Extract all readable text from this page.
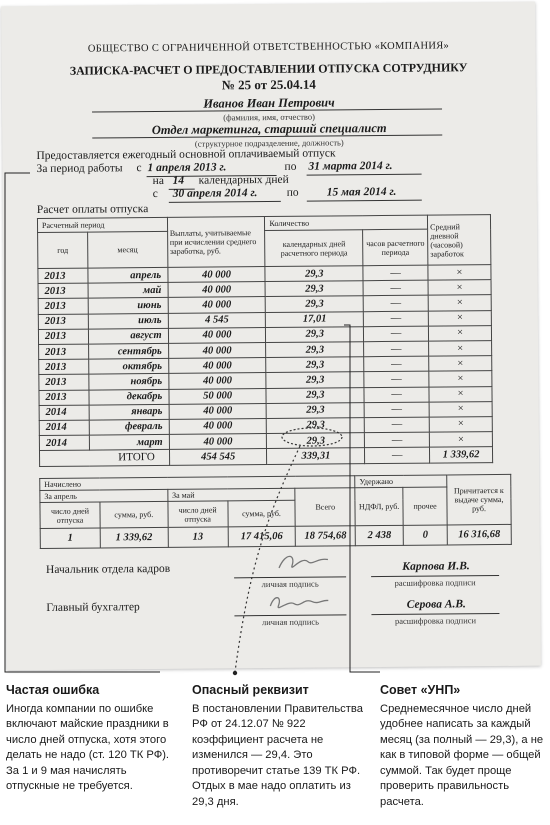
ОБЩЕСТВО С ОГРАНИЧЕННОЙ ОТВЕТСТВЕННОСТЬЮ «КОМПАНИЯ»
ЗАПИСКА-РАСЧЕТ О ПРЕДОСТАВЛЕНИИ ОТПУСКА СОТРУДНИКУ
№ 25 от 25.04.14
Иванов Иван Петрович
(фамилия, имя, отчество)
Отдел маркетинга, старший специалист
(структурное подразделение, должность)
Предоставляется ежегодный основной оплачиваемый отпуск
За период работы с 1 апреля 2013 г.	по 31 марта 2014 г.
на 14 календарных дней
с 30 апреля 2014 г.	по 15 мая 2014 г.
Расчет оплаты отпуска
Расчетный период		Выплаты, учитываемые при исчислении среднего заработка, руб.	Количество		Средний дневной (часовой) заработок
год	месяц		календарных дней расчетного периода	часов расчетного периода	
2013	апрель	40 000	29,3	—	×
2013	май	40 000	29,3	—	×
2013	июнь	40 000	29,3	—	×
2013	июль	4 545	17,01	—	×
2013	август	40 000	29,3	—	×
2013	сентябрь	40 000	29,3	—	×
2013	октябрь	40 000	29,3	—	×
2013	ноябрь	40 000	29,3	—	×
2013	декабрь	50 000	29,3	—	×
2014	январь	40 000	29,3	—	×
2014	февраль	40 000	29,3	—	×
2014	март	40 000	29,3	—	×
ИТОГО		454 545	339,31	—	1 339,62
Начислено					Удержано		Причитается к выдаче сумма, руб.
За апрель		За май		Всего	НДФЛ, руб.	прочее	
число дней отпуска	сумма, руб.	число дней отпуска	сумма, руб.				
1	1 339,62	13	17 415,06	18 754,68	2 438	0	16 316,68
Начальник отдела кадров
личная подпись
Карпова И.В.
расшифровка подписи
Главный бухгалтер
личная подпись
Серова А.В.
расшифровка подписи
Частая ошибка

Иногда компании по ошибке включают майские праздники в число дней отпуска, хотя этого делать не надо (ст. 120 ТК РФ). За 1 и 9 мая начислять отпускные не требуется.

Опасный реквизит

В постановлении Правительства РФ от 24.12.07 № 922 коэффициент расчета не изменился — 29,4. Это противоречит статье 139 ТК РФ. Отдых в мае надо оплатить из 29,3 дня.

Совет «УНП»

Среднемесячное число дней удобнее написать за каждый месяц (за полный — 29,3), а не как в типовой форме — общей суммой. Так будет проще проверить правильность расчета.
